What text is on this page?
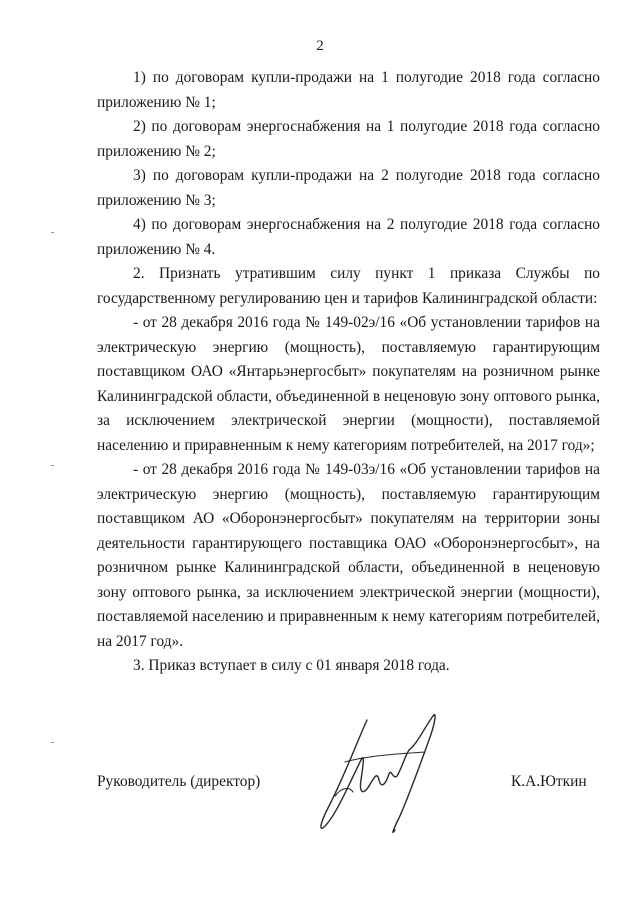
2

1) по договорам купли-продажи на 1 полугодие 2018 года согласно приложению № 1;

2) по договорам энергоснабжения на 1 полугодие 2018 года согласно приложению № 2;

3) по договорам купли-продажи на 2 полугодие 2018 года согласно приложению № 3;

4) по договорам энергоснабжения на 2 полугодие 2018 года согласно приложению № 4.

2. Признать утратившим силу пункт 1 приказа Службы по государственному регулированию цен и тарифов Калининградской области:

- от 28 декабря 2016 года № 149-02э/16 «Об установлении тарифов на электрическую энергию (мощность), поставляемую гарантирующим поставщиком ОАО «Янтарьэнергосбыт» покупателям на розничном рынке Калининградской области, объединенной в неценовую зону оптового рынка, за исключением электрической энергии (мощности), поставляемой населению и приравненным к нему категориям потребителей, на 2017 год»;

- от 28 декабря 2016 года № 149-03э/16 «Об установлении тарифов на электрическую энергию (мощность), поставляемую гарантирующим поставщиком АО «Оборонэнергосбыт» покупателям на территории зоны деятельности гарантирующего поставщика ОАО «Оборонэнергосбыт», на розничном рынке Калининградской области, объединенной в неценовую зону оптового рынка, за исключением электрической энергии (мощности), поставляемой населению и приравненным к нему категориям потребителей, на 2017 год».

3. Приказ вступает в силу с 01 января 2018 года.

Руководитель (директор)	К.А.Юткин
